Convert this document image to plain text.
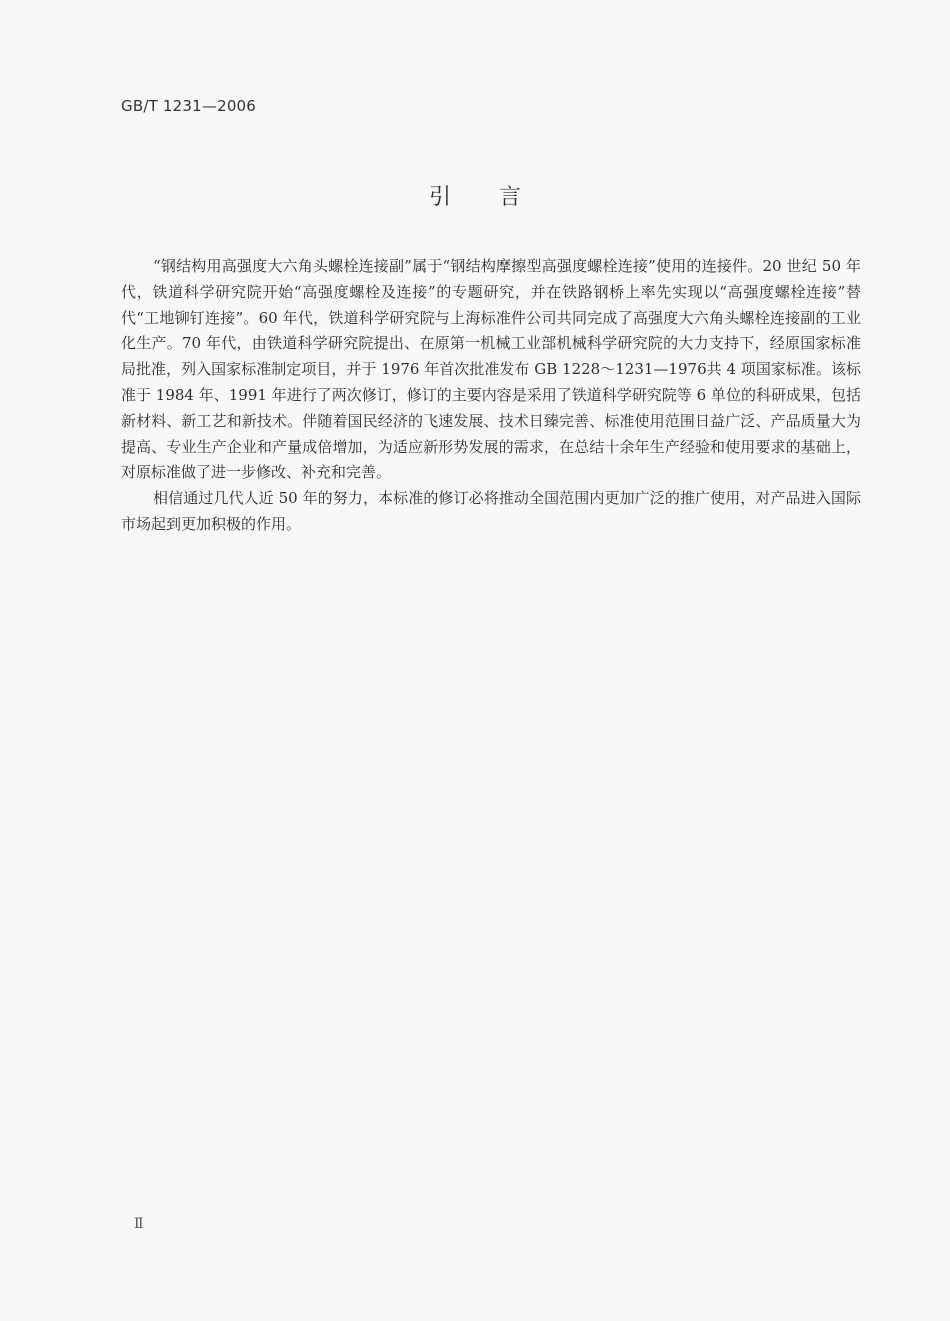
GB/T 1231—2006
引言

“钢结构用高强度大六角头螺栓连接副”属于“钢结构摩擦型高强度螺栓连接”使用的连接件。20 世纪 50 年代，铁道科学研究院开始“高强度螺栓及连接”的专题研究，并在铁路钢桥上率先实现以“高强度螺栓连接”替代“工地铆钉连接”。60 年代，铁道科学研究院与上海标准件公司共同完成了高强度大六角头螺栓连接副的工业化生产。70 年代，由铁道科学研究院提出、在原第一机械工业部机械科学研究院的大力支持下，经原国家标准局批准，列入国家标准制定项目，并于 1976 年首次批准发布 GB 1228～1231—1976共 4 项国家标准。该标准于 1984 年、1991 年进行了两次修订，修订的主要内容是采用了铁道科学研究院等 6 单位的科研成果，包括新材料、新工艺和新技术。伴随着国民经济的飞速发展、技术日臻完善、标准使用范围日益广泛、产品质量大为提高、专业生产企业和产量成倍增加，为适应新形势发展的需求，在总结十余年生产经验和使用要求的基础上，对原标准做了进一步修改、补充和完善。

相信通过几代人近 50 年的努力，本标准的修订必将推动全国范围内更加广泛的推广使用，对产品进入国际市场起到更加积极的作用。

Ⅱ
